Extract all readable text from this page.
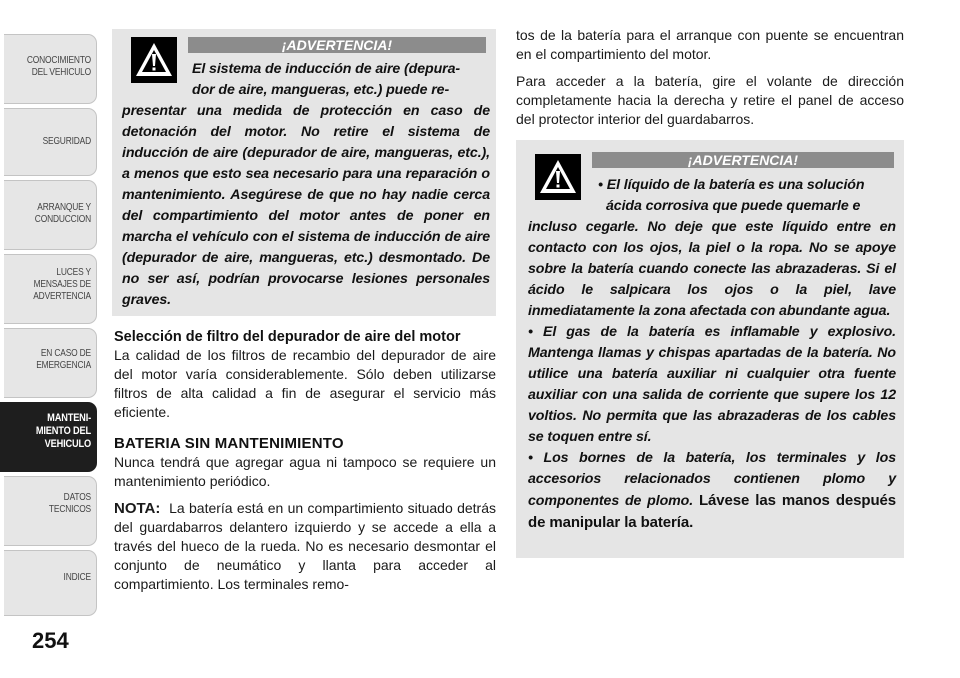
CONOCIMIENTO
DEL VEHICULO
SEGURIDAD
ARRANQUE Y
CONDUCCION
LUCES Y
MENSAJES DE
ADVERTENCIA
EN CASO DE
EMERGENCIA
MANTENI-
MIENTO DEL
VEHICULO
DATOS
TECNICOS
INDICE
254
¡ADVERTENCIA!

El sistema de inducción de aire (depura-

dor de aire, mangueras, etc.) puede re-

presentar una medida de protección en caso de detonación del motor. No retire el sistema de inducción de aire (depurador de aire, mangueras, etc.), a menos que esto sea necesario para una reparación o mantenimiento. Asegúrese de que no hay nadie cerca del compartimiento del motor antes de poner en marcha el vehículo con el sistema de inducción de aire (depurador de aire, mangueras, etc.) desmontado. De no ser así, podrían provocarse lesiones personales graves.

Selección de filtro del depurador de aire del motor

La calidad de los filtros de recambio del depurador de aire del motor varía considerablemente. Sólo deben utilizarse filtros de alta calidad a fin de asegurar el servicio más eficiente.

BATERIA SIN MANTENIMIENTO

Nunca tendrá que agregar agua ni tampoco se requiere un mantenimiento periódico.

NOTA: La batería está en un compartimiento situado detrás del guardabarros delantero izquierdo y se accede a ella a través del hueco de la rueda. No es necesario desmontar el conjunto de neumático y llanta para acceder al compartimiento. Los terminales remo-

tos de la batería para el arranque con puente se encuentran en el compartimiento del motor.

Para acceder a la batería, gire el volante de dirección completamente hacia la derecha y retire el panel de acceso del protector interior del guardabarros.

¡ADVERTENCIA!

• El líquido de la batería es una solución

ácida corrosiva que puede quemarle e

incluso cegarle. No deje que este líquido entre en contacto con los ojos, la piel o la ropa. No se apoye sobre la batería cuando conecte las abrazaderas. Si el ácido le salpicara los ojos o la piel, lave inmediatamente la zona afectada con abundante agua.

• El gas de la batería es inflamable y explosivo. Mantenga llamas y chispas apartadas de la batería. No utilice una batería auxiliar ni cualquier otra fuente auxiliar con una salida de corriente que supere los 12 voltios. No permita que las abrazaderas de los cables se toquen entre sí.

• Los bornes de la batería, los terminales y los accesorios relacionados contienen plomo y componentes de plomo. Lávese las manos después de manipular la batería.
